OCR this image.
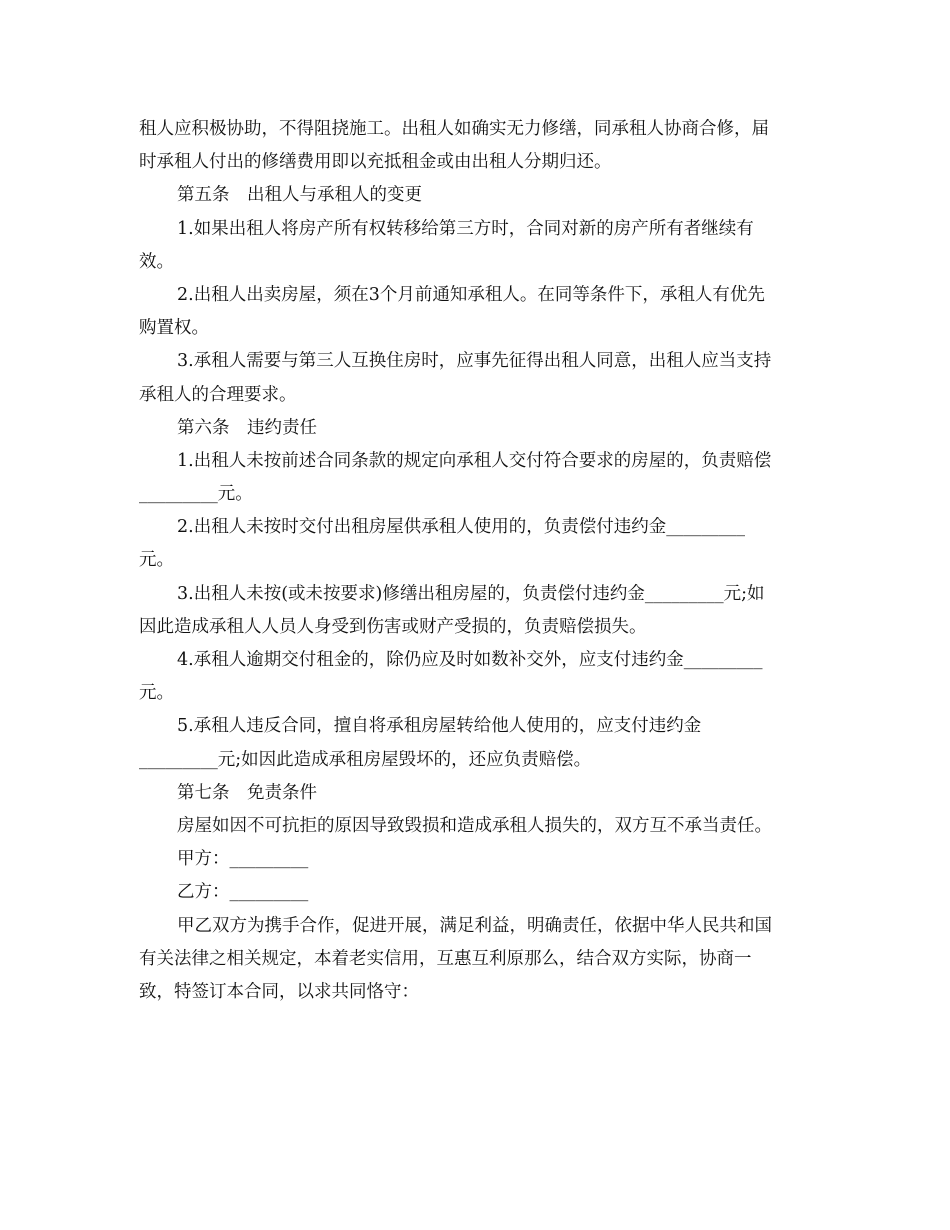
租人应积极协助，不得阻挠施工。出租人如确实无力修缮，同承租人协商合修，届
时承租人付出的修缮费用即以充抵租金或由出租人分期归还。
第五条　出租人与承租人的变更
1.如果出租人将房产所有权转移给第三方时，合同对新的房产所有者继续有
效。
2.出租人出卖房屋，须在3个月前通知承租人。在同等条件下，承租人有优先
购置权。
3.承租人需要与第三人互换住房时，应事先征得出租人同意，出租人应当支持
承租人的合理要求。
第六条　违约责任
1.出租人未按前述合同条款的规定向承租人交付符合要求的房屋的，负责赔偿
_________元。
2.出租人未按时交付出租房屋供承租人使用的，负责偿付违约金_________
元。
3.出租人未按(或未按要求)修缮出租房屋的，负责偿付违约金_________元;如
因此造成承租人人员人身受到伤害或财产受损的，负责赔偿损失。
4.承租人逾期交付租金的，除仍应及时如数补交外，应支付违约金_________
元。
5.承租人违反合同，擅自将承租房屋转给他人使用的，应支付违约金
_________元;如因此造成承租房屋毁坏的，还应负责赔偿。
第七条　免责条件
房屋如因不可抗拒的原因导致毁损和造成承租人损失的，双方互不承当责任。
甲方：_________
乙方：_________
甲乙双方为携手合作，促进开展，满足利益，明确责任，依据中华人民共和国
有关法律之相关规定，本着老实信用，互惠互利原那么，结合双方实际，协商一
致，特签订本合同，以求共同恪守：
